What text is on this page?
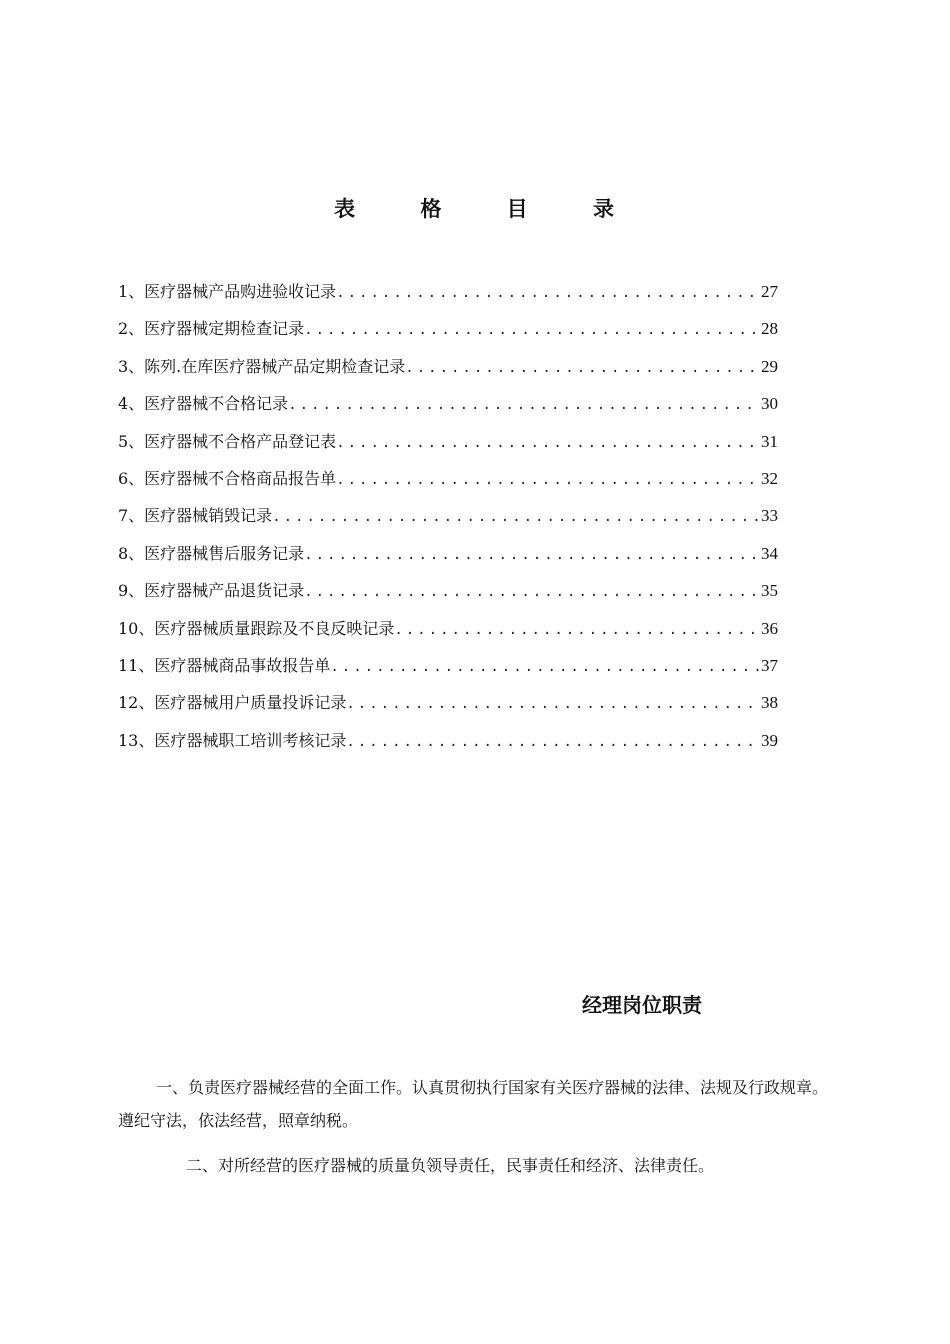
表	格	目	录
1、医疗器械产品购进验收记录 .....	27
2、医疗器械定期检查记录 .....	28
3、陈列.在库医疗器械产品定期检查记录 .....	29
4、医疗器械不合格记录 .....	30
5、医疗器械不合格产品登记表 .....	31
6、医疗器械不合格商品报告单 .....	32
7、医疗器械销毁记录 .....	33
8、医疗器械售后服务记录 .....	34
9、医疗器械产品退货记录 .....	35
10、医疗器械质量跟踪及不良反映记录 .....	36
11、医疗器械商品事故报告单 .....	37
12、医疗器械用户质量投诉记录 .....	38
13、医疗器械职工培训考核记录 .....	39
经理岗位职责

一、负责医疗器械经营的全面工作。认真贯彻执行国家有关医疗器械的法律、法规及行政规章。遵纪守法，依法经营，照章纳税。

二、对所经营的医疗器械的质量负领导责任，民事责任和经济、法律责任。
